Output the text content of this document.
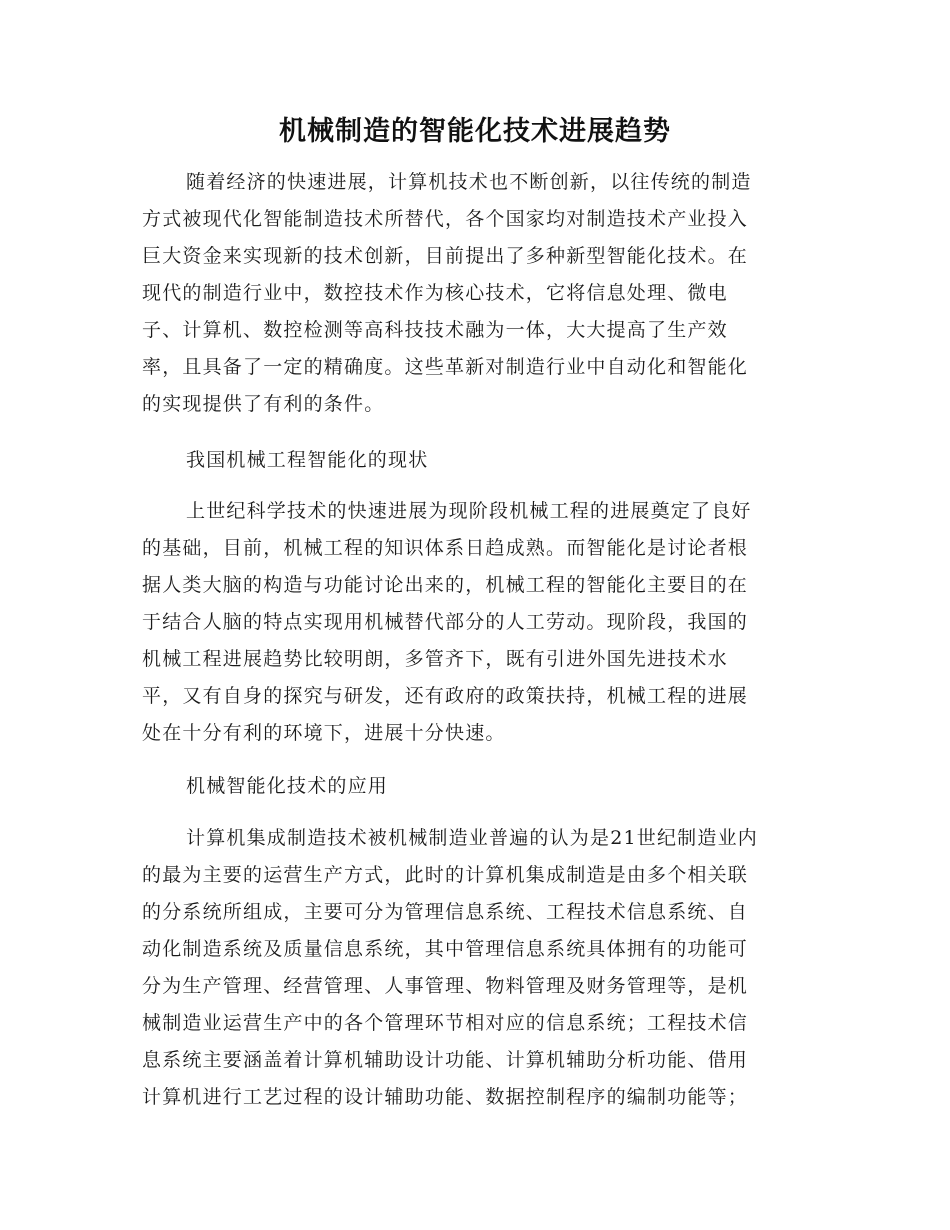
机械制造的智能化技术进展趋势
随着经济的快速进展，计算机技术也不断创新，以往传统的制造
方式被现代化智能制造技术所替代，各个国家均对制造技术产业投入
巨大资金来实现新的技术创新，目前提出了多种新型智能化技术。在
现代的制造行业中，数控技术作为核心技术，它将信息处理、微电
子、计算机、数控检测等高科技技术融为一体，大大提高了生产效
率，且具备了一定的精确度。这些革新对制造行业中自动化和智能化
的实现提供了有利的条件。
我国机械工程智能化的现状
上世纪科学技术的快速进展为现阶段机械工程的进展奠定了良好
的基础，目前，机械工程的知识体系日趋成熟。而智能化是讨论者根
据人类大脑的构造与功能讨论出来的，机械工程的智能化主要目的在
于结合人脑的特点实现用机械替代部分的人工劳动。现阶段，我国的
机械工程进展趋势比较明朗，多管齐下，既有引进外国先进技术水
平，又有自身的探究与研发，还有政府的政策扶持，机械工程的进展
处在十分有利的环境下，进展十分快速。
机械智能化技术的应用
计算机集成制造技术被机械制造业普遍的认为是21世纪制造业内
的最为主要的运营生产方式，此时的计算机集成制造是由多个相关联
的分系统所组成，主要可分为管理信息系统、工程技术信息系统、自
动化制造系统及质量信息系统，其中管理信息系统具体拥有的功能可
分为生产管理、经营管理、人事管理、物料管理及财务管理等，是机
械制造业运营生产中的各个管理环节相对应的信息系统；工程技术信
息系统主要涵盖着计算机辅助设计功能、计算机辅助分析功能、借用
计算机进行工艺过程的设计辅助功能、数据控制程序的编制功能等；
